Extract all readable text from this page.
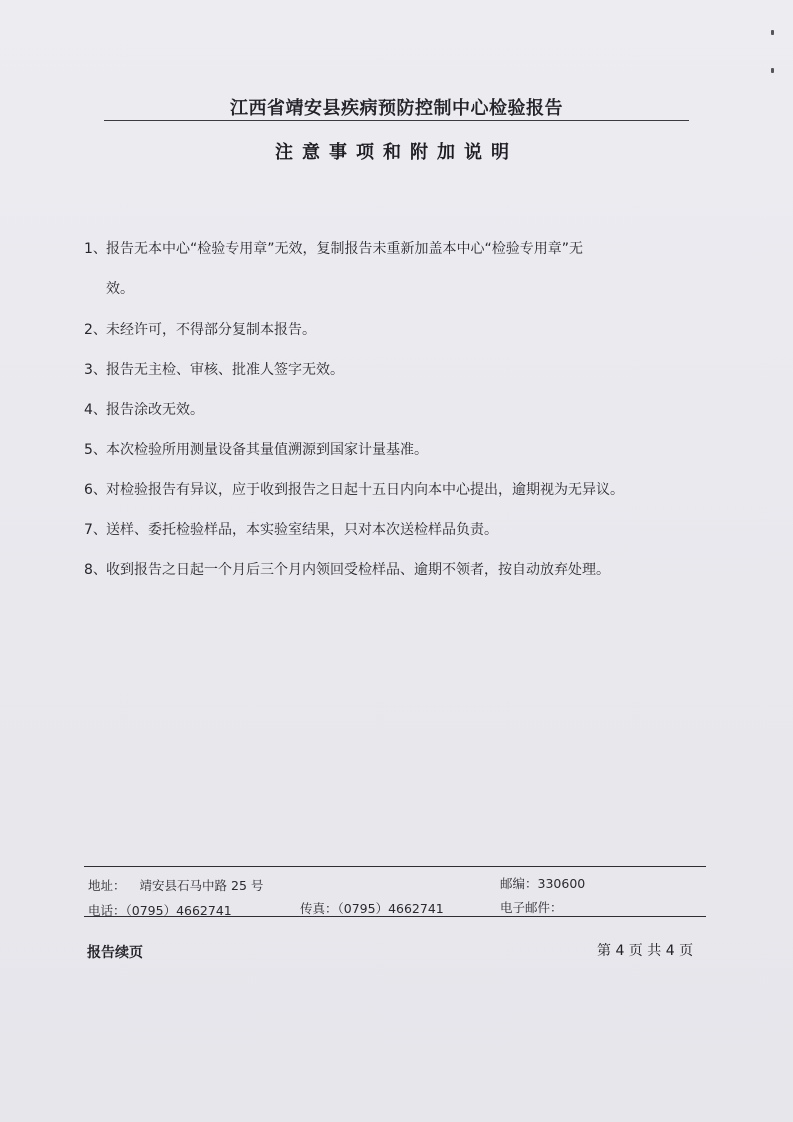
江西省靖安县疾病预防控制中心检验报告
注意事项和附加说明
1、报告无本中心“检验专用章”无效，复制报告未重新加盖本中心“检验专用章”无
效。
2、未经许可，不得部分复制本报告。
3、报告无主检、审核、批准人签字无效。
4、报告涂改无效。
5、本次检验所用测量设备其量值溯源到国家计量基准。
6、对检验报告有异议，应于收到报告之日起十五日内向本中心提出，逾期视为无异议。
7、送样、委托检验样品，本实验室结果，只对本次送检样品负责。
8、收到报告之日起一个月后三个月内领回受检样品、逾期不领者，按自动放弃处理。
地址： 靖安县石马中路 25 号	邮编：330600
电话：（0795）4662741	传真：（0795）4662741	电子邮件：
报告续页	第 4 页 共 4 页
